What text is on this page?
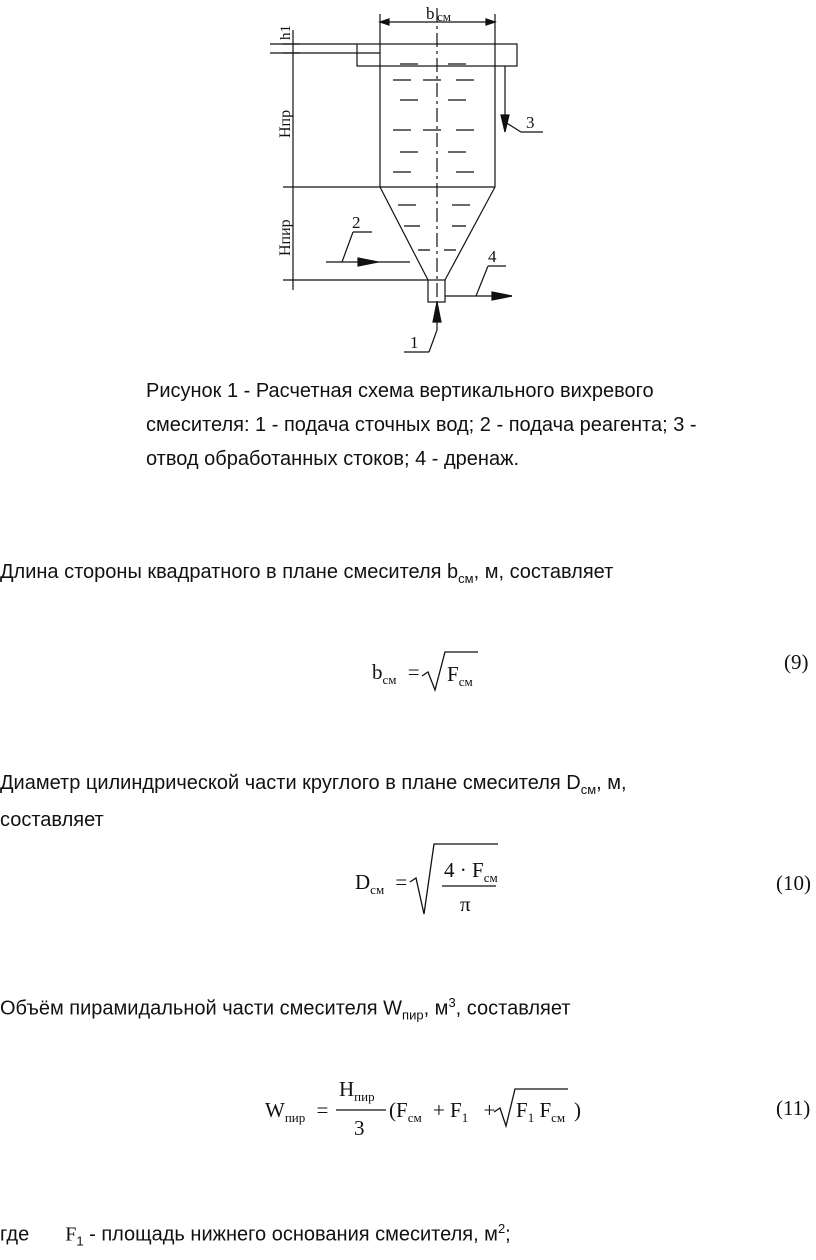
b см
h1
Hпр
Hпир
3
2
4
1
Рисунок 1 - Расчетная схема вертикального вихревого смесителя: 1 - подача сточных вод; 2 - подача реагента; 3 - отвод обработанных стоков; 4 - дренаж.
Длина стороны квадратного в плане смесителя $b_{см}$, м, составляет
$b_{см} = F_{см}$
(9)
Диаметр цилиндрической части круглого в плане смесителя $D_{см}$, м,
составляет
$D_{см} = 4 \cdot F_{см}$
π
(10)
Объём пирамидальной части смесителя $W_{пир}$, $м^3$, составляет
$W_{пир}$ =
$H_{пир}$
3
($F_{см} + F_1 + F_1$ $F_{см}$ )	(11)
где $F_1$ - площадь нижнего основания смесителя, $м^2$;
